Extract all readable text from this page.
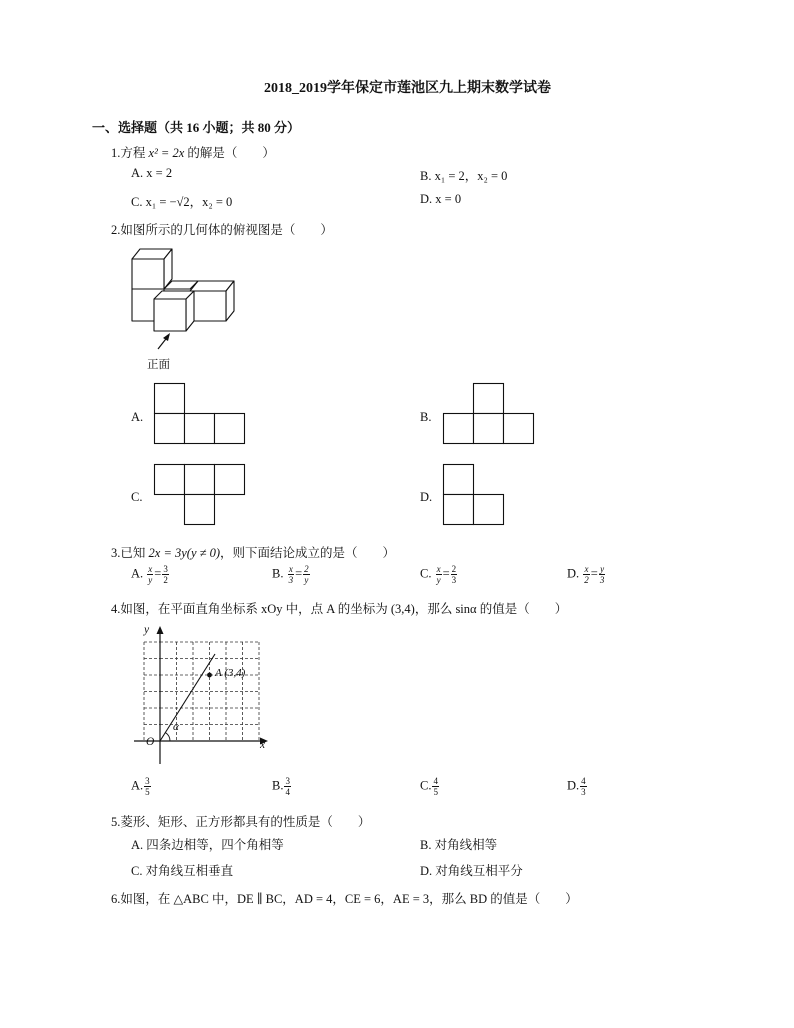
2018_2019学年保定市莲池区九上期末数学试卷
一、选择题（共 16 小题；共 80 分）
1.方程 x² = 2x 的解是（　　）
A. x = 2	B. x₁ = 2，x₂ = 0
C. x₁ = −√2，x₂ = 0	D. x = 0
2.如图所示的几何体的俯视图是（　　）
正面
A.	B.
C.	D.
3.已知 2x = 3y(y ≠ 0)，则下面结论成立的是（　　）
A. $\frac{x}{y} = \frac{3}{2}$	B. $\frac{x}{3} = \frac{2}{y}$	C. $\frac{x}{y} = \frac{2}{3}$	D. $\frac{x}{2} = \frac{y}{3}$
4.如图，在平面直角坐标系 xOy 中，点 A 的坐标为 (3,4)，那么 sinα 的值是（　　）
y
x
O
A (3,4)
α
A. $\frac{3}{5}$	B. $\frac{3}{4}$	C. $\frac{4}{5}$	D. $\frac{4}{3}$
5.菱形、矩形、正方形都具有的性质是（　　）
A. 四条边相等，四个角相等	B. 对角线相等
C. 对角线互相垂直	D. 对角线互相平分
6.如图，在 △ABC 中，DE ∥ BC，AD = 4，CE = 6，AE = 3，那么 BD 的值是（　　）
